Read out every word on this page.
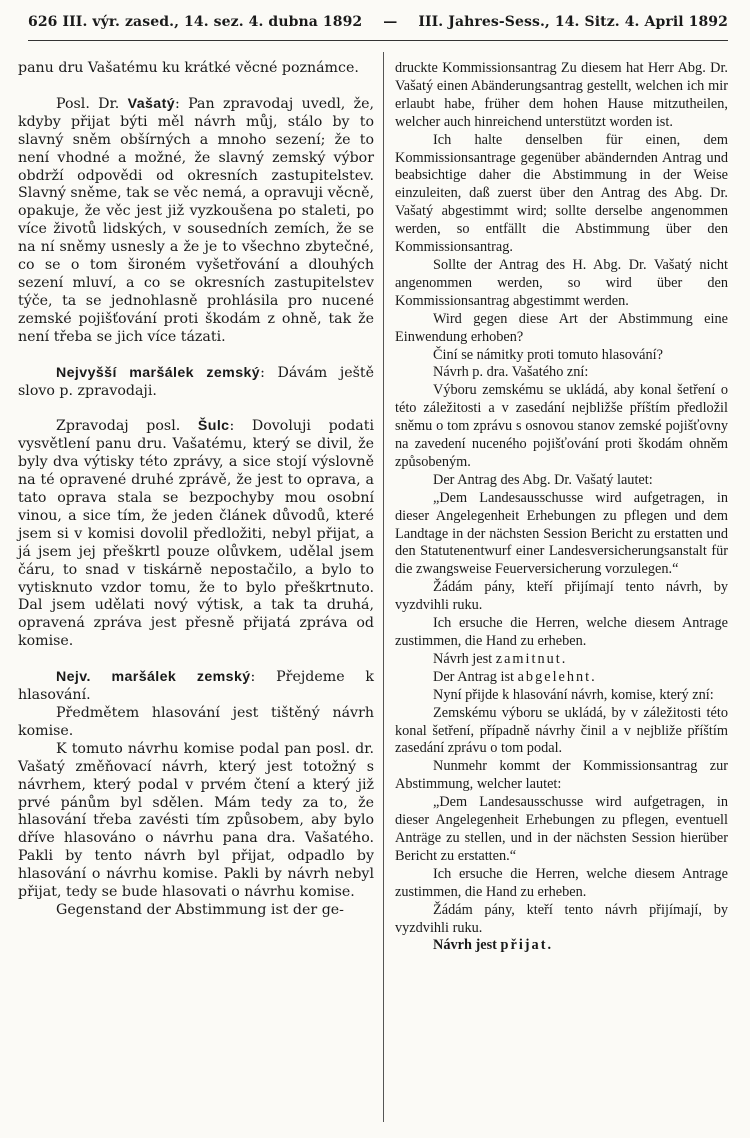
626 III. výr. zased., 14. sez. 4. dubna 1892 — III. Jahres-Sess., 14. Sitz. 4. April 1892

panu dru Vašatému ku krátké věcné poznámce.

Posl. Dr. Vašatý: Pan zpravodaj uvedl, že, kdyby přijat býti měl návrh můj, stálo by to slavný sněm obšírných a mnoho sezení; že to není vhodné a možné, že slavný zemský výbor obdrží odpovědi od okresních zastupitelstev. Slavný sněme, tak se věc nemá, a opravuji věcně, opakuje, že věc jest již vyzkoušena po staleti, po více životů lidských, v sousedních zemích, že se na ní sněmy usnesly a že je to všechno zbytečné, co se o tom široném vyšetřování a dlouhých sezení mluví, a co se okresních zastupitelstev týče, ta se jednohlasně prohlásila pro nucené zemské pojišťování proti škodám z ohně, tak že není třeba se jich více tázati.

Nejvyšší maršálek zemský: Dávám ještě slovo p. zpravodaji.

Zpravodaj posl. Šulc: Dovoluji podati vysvětlení panu dru. Vašatému, který se divil, že byly dva výtisky této zprávy, a sice stojí výslovně na té opravené druhé zprávě, že jest to oprava, a tato oprava stala se bezpochyby mou osobní vinou, a sice tím, že jeden článek důvodů, které jsem si v komisi dovolil předložiti, nebyl přijat, a já jsem jej přeškrtl pouze olůvkem, udělal jsem čáru, to snad v tiskárně nepostačilo, a bylo to vytisknuto vzdor tomu, že to bylo přeškrtnuto. Dal jsem udělati nový výtisk, a tak ta druhá, opravená zpráva jest přesně přijatá zpráva od komise.

Nejv. maršálek zemský: Přejdeme k hlasování.

Předmětem hlasování jest tištěný návrh komise.

K tomuto návrhu komise podal pan posl. dr. Vašatý změňovací návrh, který jest totožný s návrhem, který podal v prvém čtení a který již prvé pánům byl sdělen. Mám tedy za to, že hlasování třeba zavésti tím způsobem, aby bylo dříve hlasováno o návrhu pana dra. Vašatého. Pakli by tento návrh byl přijat, odpadlo by hlasování o návrhu komise. Pakli by návrh nebyl přijat, tedy se bude hlasovati o návrhu komise.

Gegenstand der Abstimmung ist der ge-

druckte Kommissionsantrag Zu diesem hat Herr Abg. Dr. Vašatý einen Abänderungsantrag gestellt, welchen ich mir erlaubt habe, früher dem hohen Hause mitzutheilen, welcher auch hinreichend unterstützt worden ist.

Ich halte denselben für einen, dem Kommissionsantrage gegenüber abändernden Antrag und beabsichtige daher die Abstimmung in der Weise einzuleiten, daß zuerst über den Antrag des Abg. Dr. Vašatý abgestimmt wird; sollte derselbe angenommen werden, so entfällt die Abstimmung über den Kommissionsantrag.

Sollte der Antrag des H. Abg. Dr. Vašatý nicht angenommen werden, so wird über den Kommissionsantrag abgestimmt werden.

Wird gegen diese Art der Abstimmung eine Einwendung erhoben?

Činí se námitky proti tomuto hlasování?

Návrh p. dra. Vašatého zní:

Výboru zemskému se ukládá, aby konal šetření o této záležitosti a v zasedání nejbližše příštím předložil sněmu o tom zprávu s osnovou stanov zemské pojišťovny na zavedení nuceného pojišťování proti škodám ohněm způsobeným.

Der Antrag des Abg. Dr. Vašatý lautet:

„Dem Landesausschusse wird aufgetragen, in dieser Angelegenheit Erhebungen zu pflegen und dem Landtage in der nächsten Session Bericht zu erstatten und den Statutenentwurf einer Landesversicherungsanstalt für die zwangsweise Feuerversicherung vorzulegen.“

Žádám pány, kteří přijímají tento návrh, by vyzdvihli ruku.

Ich ersuche die Herren, welche diesem Antrage zustimmen, die Hand zu erheben.

Návrh jest zamitnut.

Der Antrag ist abgelehnt.

Nyní přijde k hlasování návrh, komise, který zní:

Zemskému výboru se ukládá, by v záležitosti této konal šetření, případně návrhy činil a v nejbliže příštím zasedání zprávu o tom podal.

Nunmehr kommt der Kommissionsantrag zur Abstimmung, welcher lautet:

„Dem Landesausschusse wird aufgetragen, in dieser Angelegenheit Erhebungen zu pflegen, eventuell Anträge zu stellen, und in der nächsten Session hierüber Bericht zu erstatten.“

Ich ersuche die Herren, welche diesem Antrage zustimmen, die Hand zu erheben.

Žádám pány, kteří tento návrh přijímají, by vyzdvihli ruku.

Návrh jest přijat.
